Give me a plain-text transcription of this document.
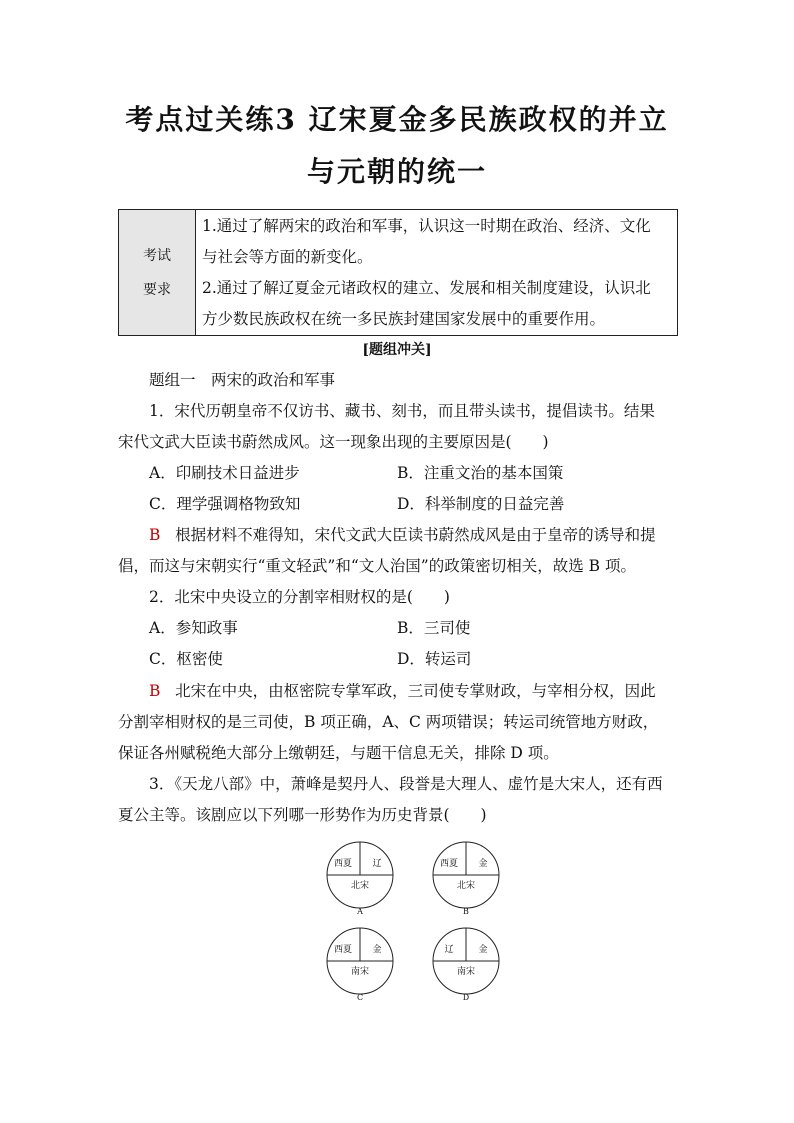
考点过关练3 辽宋夏金多民族政权的并立
与元朝的统一
考试
要求
1.通过了解两宋的政治和军事，认识这一时期在政治、经济、文化
与社会等方面的新变化。
2.通过了解辽夏金元诸政权的建立、发展和相关制度建设，认识北
方少数民族政权在统一多民族封建国家发展中的重要作用。
[题组冲关]
题组一　两宋的政治和军事
1．宋代历朝皇帝不仅访书、藏书、刻书，而且带头读书，提倡读书。结果
宋代文武大臣读书蔚然成风。这一现象出现的主要原因是(　　)
A．印刷技术日益进步	B．注重文治的基本国策
C．理学强调格物致知	D．科举制度的日益完善
B 根据材料不难得知，宋代文武大臣读书蔚然成风是由于皇帝的诱导和提
倡，而这与宋朝实行“重文轻武”和“文人治国”的政策密切相关，故选 B 项。
2．北宋中央设立的分割宰相财权的是(　　)
A．参知政事	B．三司使
C．枢密使	D．转运司
B 北宋在中央，由枢密院专掌军政，三司使专掌财政，与宰相分权，因此
分割宰相财权的是三司使，B 项正确，A、C 两项错误；转运司统管地方财政，
保证各州赋税绝大部分上缴朝廷，与题干信息无关，排除 D 项。
3．《天龙八部》中，萧峰是契丹人、段誉是大理人、虚竹是大宋人，还有西
夏公主等。该剧应以下列哪一形势作为历史背景(　　)
西夏	辽
北宋
A
西夏	金
北宋
B
西夏	金
南宋
C
辽	金
南宋
D
